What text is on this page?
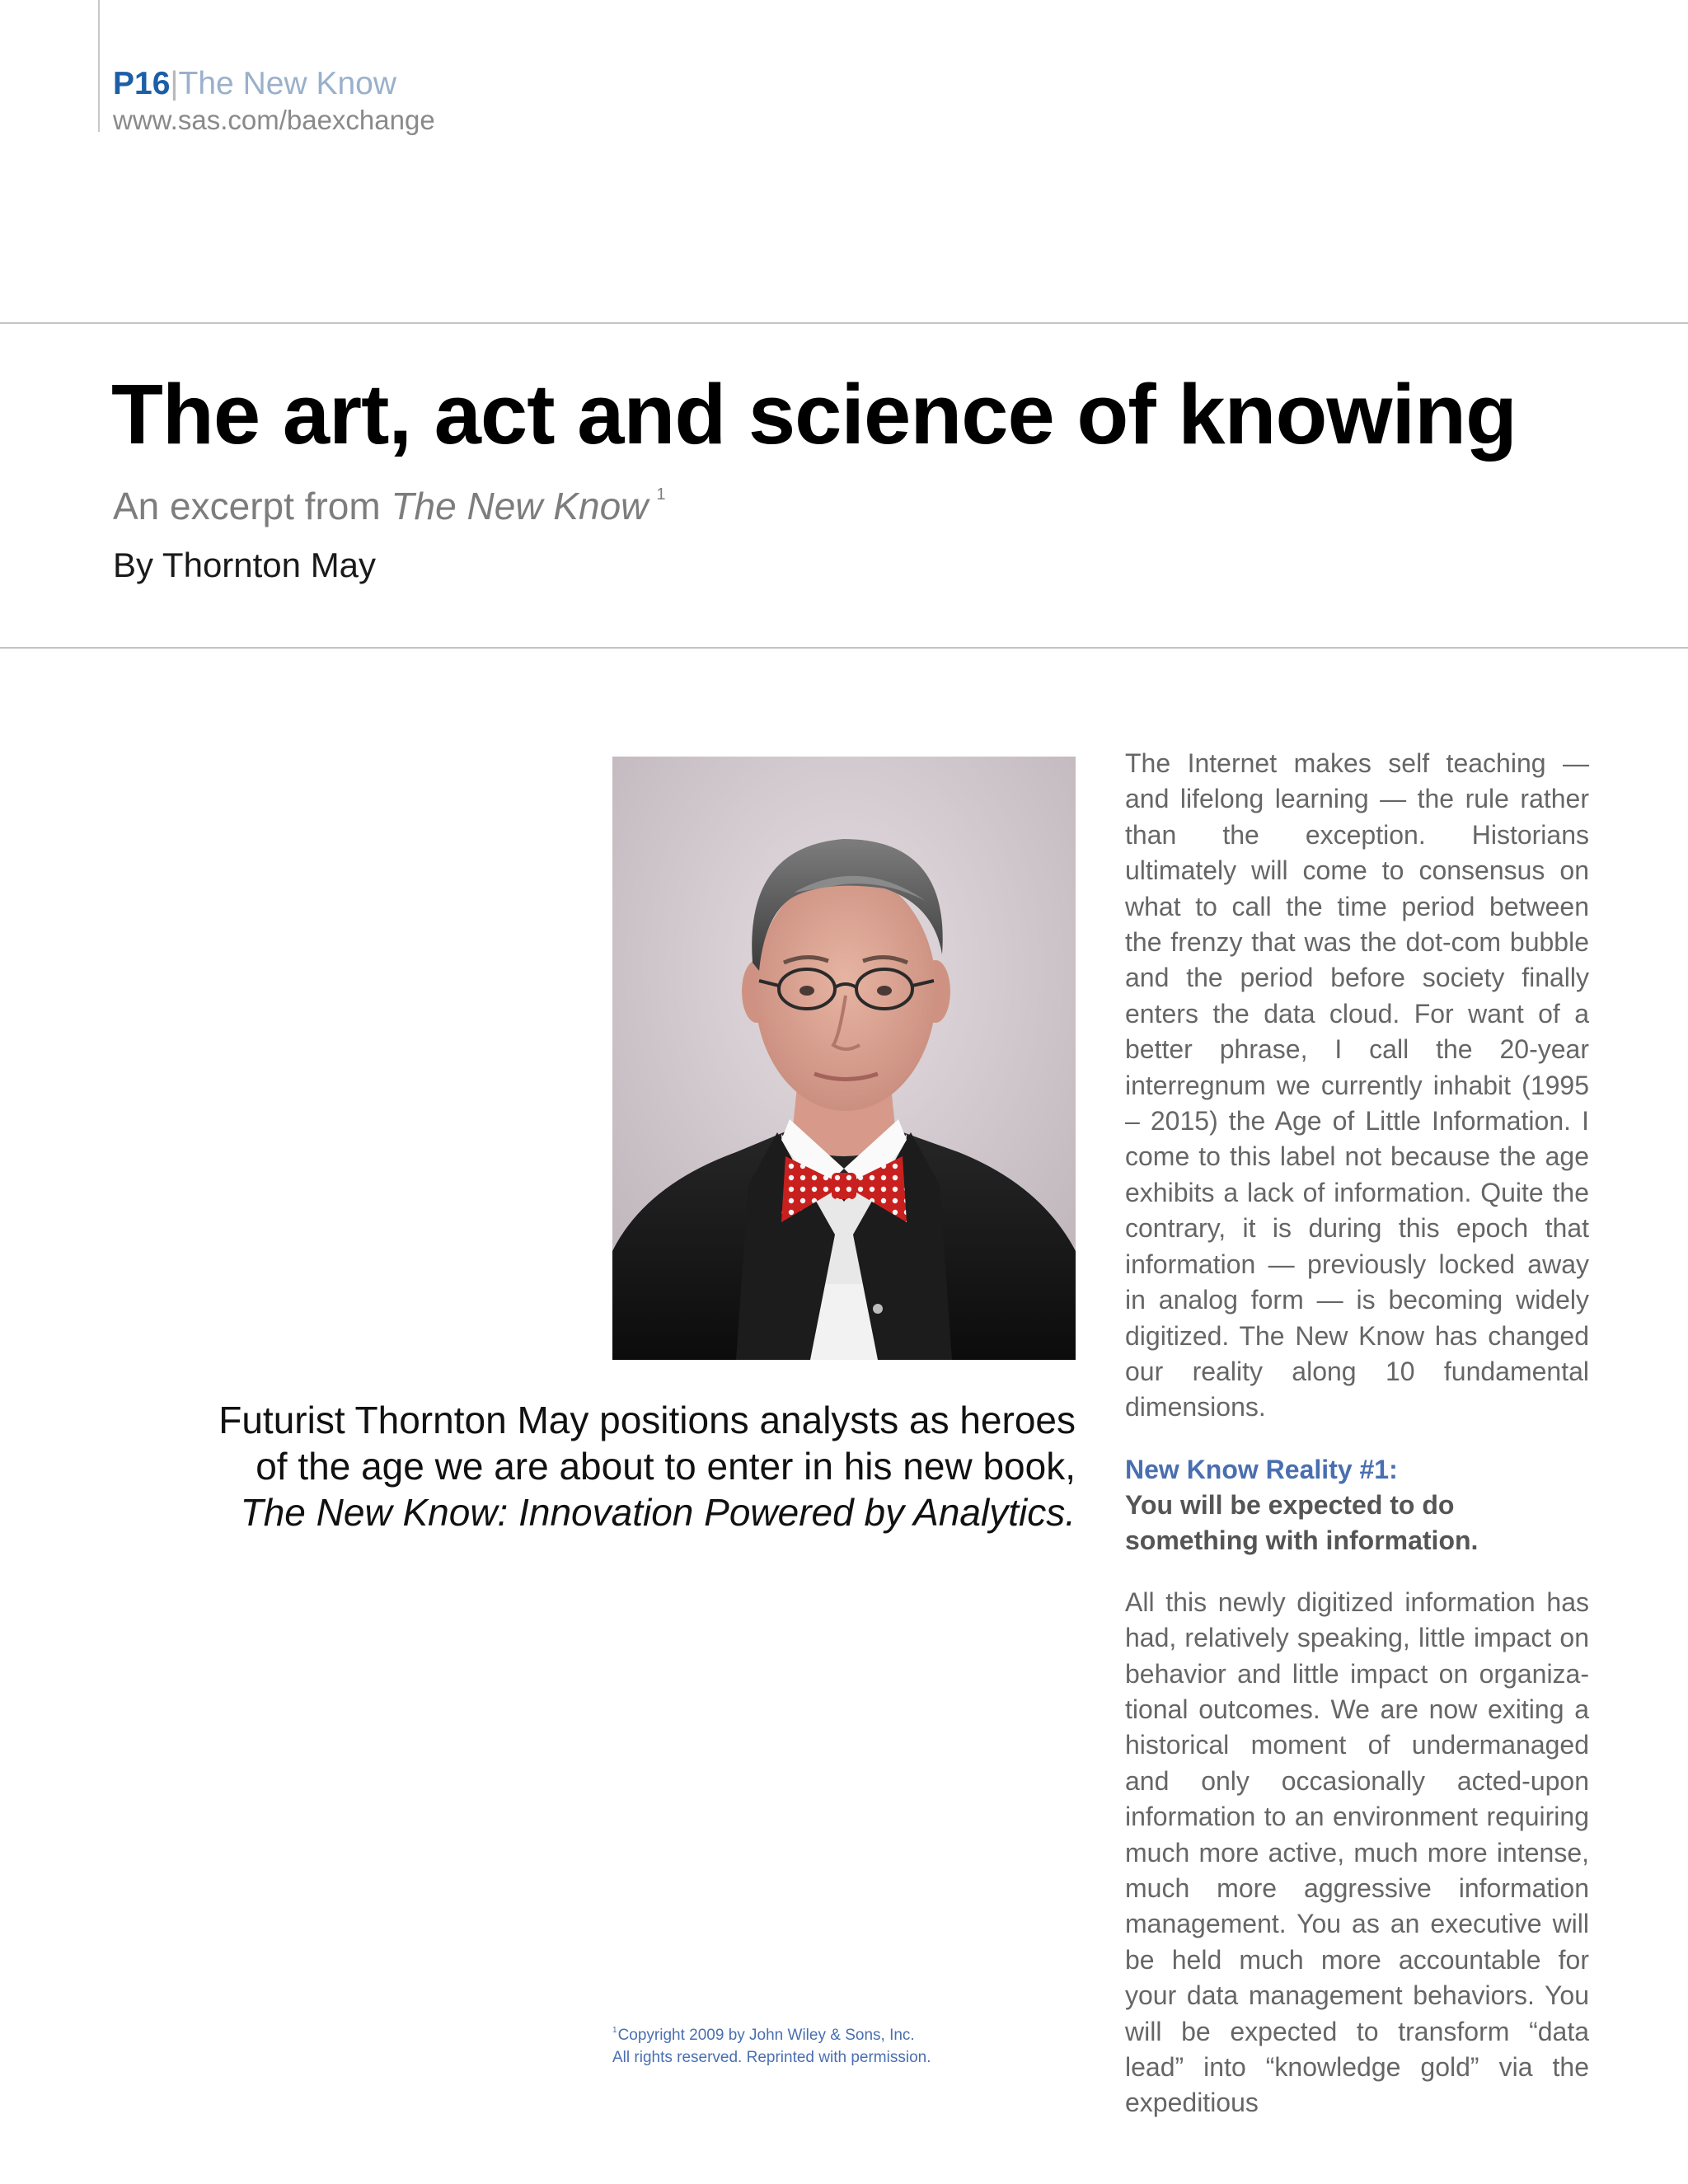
P16|The New Know
www.sas.com/baexchange
The art, act and science of knowing
An excerpt from The New Know $^1$
By Thornton May
Futurist Thornton May positions analysts as heroes
of the age we are about to enter in his new book,
The New Know: Innovation Powered by Analytics.
$^1$Copyright 2009 by John Wiley & Sons, Inc.
All rights reserved. Reprinted with permission.

The Internet makes self teaching — and lifelong learning — the rule rather than the exception. Historians ultimately will come to consensus on what to call the time period between the frenzy that was the dot-com bubble and the period before society finally enters the data cloud. For want of a better phrase, I call the 20-year interregnum we currently inhabit (1995 – 2015) the Age of Little Information. I come to this label not because the age exhibits a lack of information. Quite the contrary, it is during this epoch that information — previously locked away in analog form — is becoming widely digitized. The New Know has changed our reality along 10 fundamental dimensions.

New Know Reality #1:
You will be expected to do something with information.

All this newly digitized information has had, relatively speaking, little impact on behavior and little impact on organizational outcomes. We are now exiting a historical moment of undermanaged and only occasionally acted-upon information to an environment requiring much more active, much more intense, much more aggressive information management. You as an executive will be held much more accountable for your data management behaviors. You will be expected to transform “data lead” into “knowledge gold” via the expeditious
